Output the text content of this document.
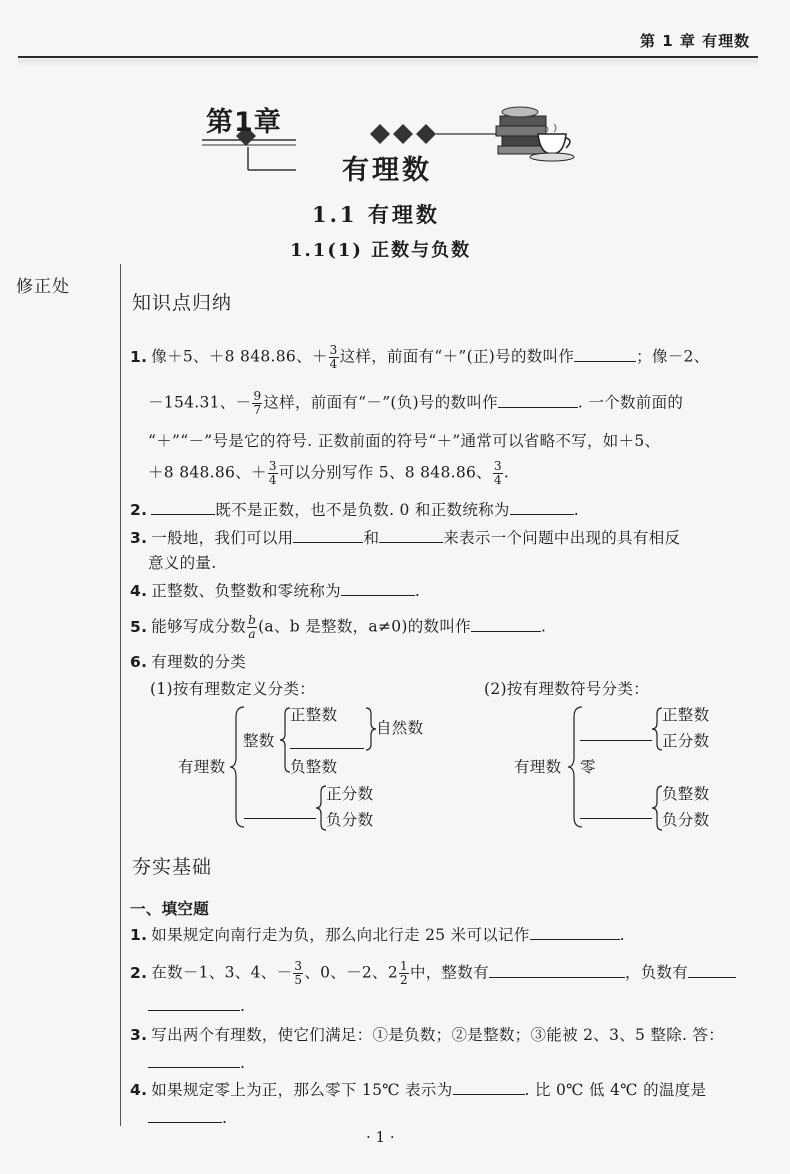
第 1 章 有理数
第1章
有理数
1.1 有理数
1.1(1) 正数与负数
修正处
知识点归纳
1. 像＋5、＋8 848.86、＋ $\frac{3}{4}$ 这样，前面有“＋”(正)号的数叫作	；像－2、
－154.31、－ $\frac{9}{7}$ 这样，前面有“－”(负)号的数叫作	. 一个数前面的
“＋”“－”号是它的符号. 正数前面的符号“＋”通常可以省略不写，如＋5、
＋8 848.86、＋ $\frac{3}{4}$ 可以分别写作 5、8 848.86、 $\frac{3}{4}$ .
2.	既不是正数，也不是负数. 0 和正数统称为	.
3. 一般地，我们可以用	和	来表示一个问题中出现的具有相反
意义的量.
4. 正整数、负整数和零统称为	.
5. 能够写成分数 $\frac{b}{a} (a$、b 是整数，a≠0)的数叫作	.
6. 有理数的分类
(1)按有理数定义分类：	(2)按有理数符号分类：
有理数
整数
正整数
自然数
负整数
正分数
负分数
有理数
正整数
正分数
零
负整数
负分数
夯实基础
一、填空题
1. 如果规定向南行走为负，那么向北行走 25 米可以记作	.
2. 在数－1、3、4、－ $\frac{3}{5}$ 、0、－2、$2 \frac{1}{2}$ 中，整数有	，负数有
.
3. 写出两个有理数，使它们满足：①是负数；②是整数；③能被 2、3、5 整除. 答：
.
4. 如果规定零上为正，那么零下 15℃ 表示为	. 比 0℃ 低 4℃ 的温度是
.
· 1 ·
